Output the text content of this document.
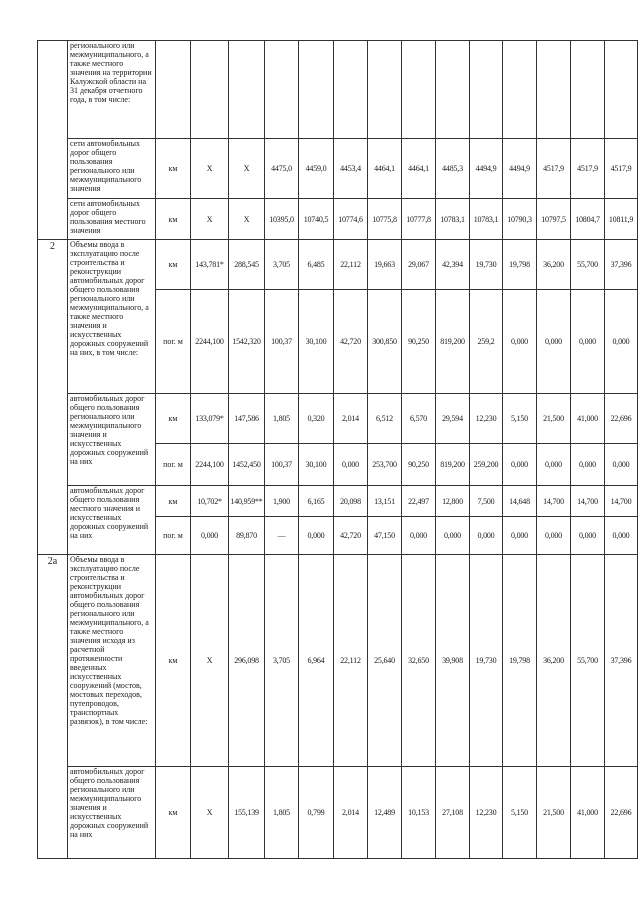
	регионального или межмуниципального, а также местного значения на территории Калужской области на 31 декабря отчетного года, в том числе:														
	сети автомобильных дорог общего пользования регионального или межмуниципального значения	км	X	X	4475,0	4459,0	4453,4	4464,1	4464,1	4485,3	4494,9	4494,9	4517,9	4517,9	4517,9
	сети автомобильных дорог общего пользования местного значения	км	X	X	10395,0	10740,5	10774,6	10775,8	10777,8	10783,1	10783,1	10790,3	10797,5	10804,7	10811,9
2	Объемы ввода в эксплуатацию после строительства и реконструкции автомобильных дорог общего пользования регионального или межмуниципального, а также местного значения и искусственных дорожных сооружений на них, в том числе:	км	143,781*	288,545	3,705	6,485	22,112	19,663	29,067	42,394	19,730	19,798	36,200	55,700	37,396
		пог. м	2244,100	1542,320	100,37	30,100	42,720	300,850	90,250	819,200	259,2	0,000	0,000	0,000	0,000
	автомобильных дорог общего пользования регионального или межмуниципального значения и искусственных дорожных сооружений на них	км	133,079*	147,586	1,805	0,320	2,014	6,512	6,570	29,594	12,230	5,150	21,500	41,000	22,696
		пог. м	2244,100	1452,450	100,37	30,100	0,000	253,700	90,250	819,200	259,200	0,000	0,000	0,000	0,000
	автомобильных дорог общего пользования местного значения и искусственных дорожных сооружений на них	км	10,702*	140,959**	1,900	6,165	20,098	13,151	22,497	12,800	7,500	14,648	14,700	14,700	14,700
		пог. м	0,000	89,870	—	0,000	42,720	47,150	0,000	0,000	0,000	0,000	0,000	0,000	0,000
2а	Объемы ввода в эксплуатацию после строительства и реконструкции автомобильных дорог общего пользования регионального или межмуниципального, а также местного значения исходя из расчетной протяженности введенных искусственных сооружений (мостов, мостовых переходов, путепроводов, транспортных развязок), в том числе:	км	X	296,098	3,705	6,964	22,112	25,640	32,650	39,908	19,730	19,798	36,200	55,700	37,396
	автомобильных дорог общего пользования регионального или межмуниципального значения и искусственных дорожных сооружений на них	км	X	155,139	1,805	0,799	2,014	12,489	10,153	27,108	12,230	5,150	21,500	41,000	22,696
